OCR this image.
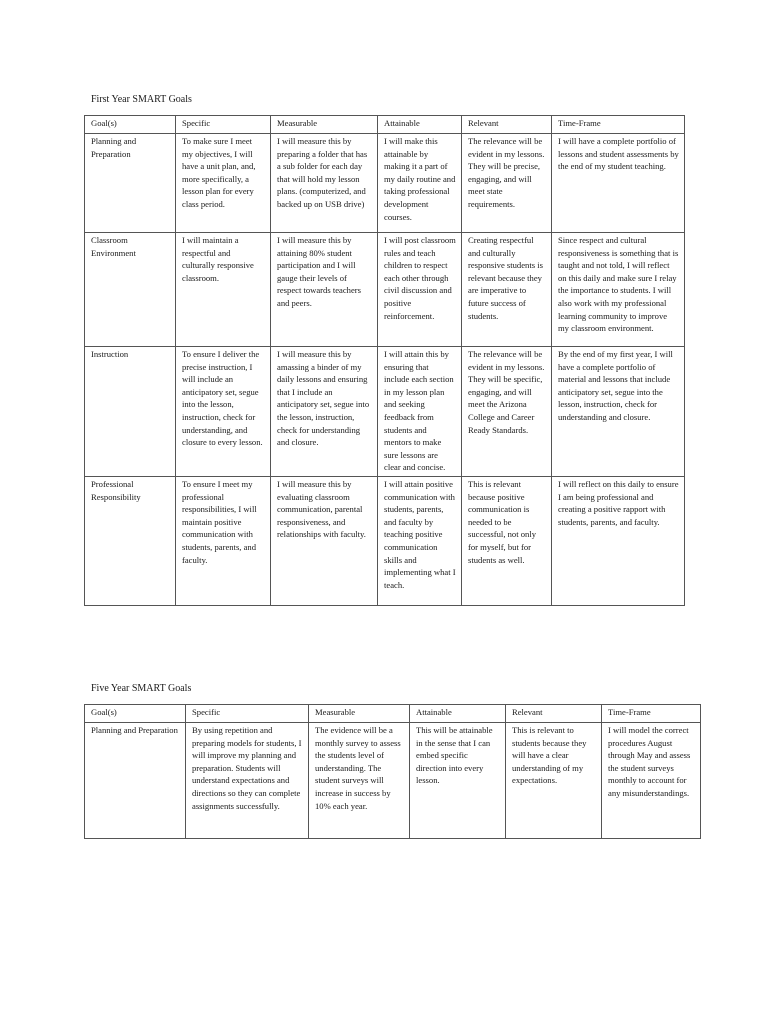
First Year SMART Goals
Goal(s)	Specific	Measurable	Attainable	Relevant	Time-Frame
Planning and Preparation	To make sure I meet my objectives, I will have a unit plan, and, more specifically, a lesson plan for every class period.	I will measure this by preparing a folder that has a sub folder for each day that will hold my lesson plans. (computerized, and backed up on USB drive)	I will make this attainable by making it a part of my daily routine and taking professional development courses.	The relevance will be evident in my lessons. They will be precise, engaging, and will meet state requirements.	I will have a complete portfolio of lessons and student assessments by the end of my student teaching.
Classroom Environment	I will maintain a respectful and culturally responsive classroom.	I will measure this by attaining 80% student participation and I will gauge their levels of respect towards teachers and peers.	I will post classroom rules and teach children to respect each other through civil discussion and positive reinforcement.	Creating respectful and culturally responsive students is relevant because they are imperative to future success of students.	Since respect and cultural responsiveness is something that is taught and not told, I will reflect on this daily and make sure I relay the importance to students. I will also work with my professional learning community to improve my classroom environment.
Instruction	To ensure I deliver the precise instruction, I will include an anticipatory set, segue into the lesson, instruction, check for understanding, and closure to every lesson.	I will measure this by amassing a binder of my daily lessons and ensuring that I include an anticipatory set, segue into the lesson, instruction, check for understanding and closure.	I will attain this by ensuring that include each section in my lesson plan and seeking feedback from students and mentors to make sure lessons are clear and concise.	The relevance will be evident in my lessons. They will be specific, engaging, and will meet the Arizona College and Career Ready Standards.	By the end of my first year, I will have a complete portfolio of material and lessons that include anticipatory set, segue into the lesson, instruction, check for understanding and closure.
Professional Responsibility	To ensure I meet my professional responsibilities, I will maintain positive communication with students, parents, and faculty.	I will measure this by evaluating classroom communication, parental responsiveness, and relationships with faculty.	I will attain positive communication with students, parents, and faculty by teaching positive communication skills and implementing what I teach.	This is relevant because positive communication is needed to be successful, not only for myself, but for students as well.	I will reflect on this daily to ensure I am being professional and creating a positive rapport with students, parents, and faculty.
Five Year SMART Goals
Goal(s)	Specific	Measurable	Attainable	Relevant	Time-Frame
Planning and Preparation	By using repetition and preparing models for students, I will improve my planning and preparation. Students will understand expectations and directions so they can complete assignments successfully.	The evidence will be a monthly survey to assess the students level of understanding. The student surveys will increase in success by 10% each year.	This will be attainable in the sense that I can embed specific direction into every lesson.	This is relevant to students because they will have a clear understanding of my expectations.	I will model the correct procedures August through May and assess the student surveys monthly to account for any misunderstandings.
